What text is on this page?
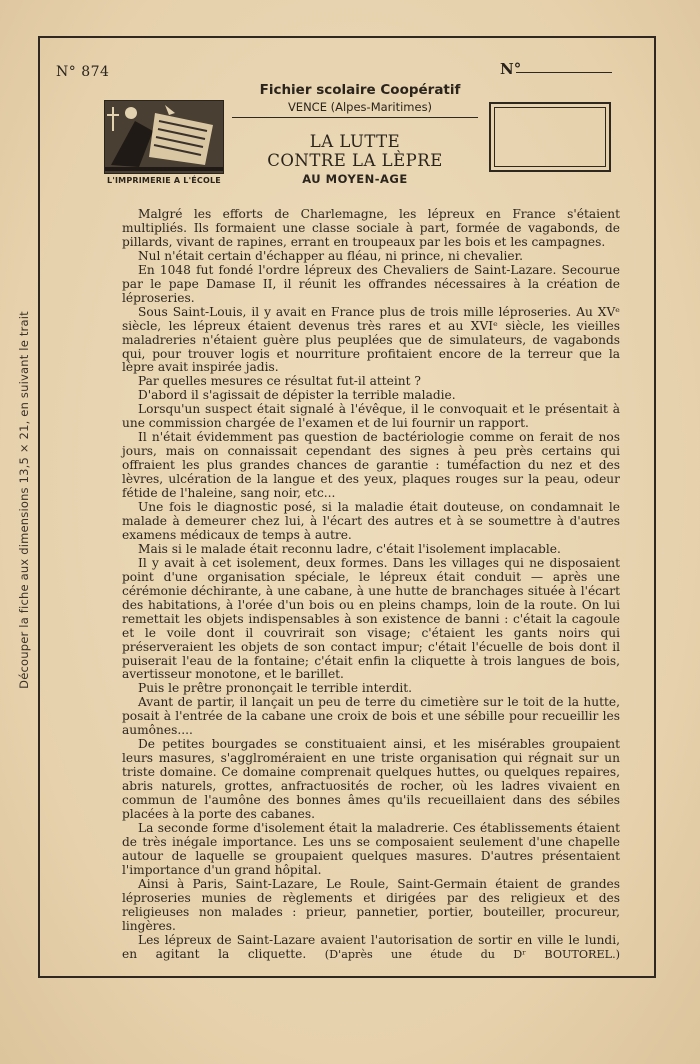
Découper la fiche aux dimensions 13,5 × 21, en suivant le trait
N° 874	N°
Fichier scolaire Coopératif
VENCE (Alpes-Maritimes)
LA LUTTE
CONTRE LA LÈPRE
AU MOYEN-AGE
L'IMPRIMERIE A L'ÉCOLE

Malgré les efforts de Charlemagne, les lépreux en France s'étaient multipliés. Ils formaient une classe sociale à part, formée de vagabonds, de pillards, vivant de rapines, errant en troupeaux par les bois et les campagnes.

Nul n'était certain d'échapper au fléau, ni prince, ni chevalier.

En 1048 fut fondé l'ordre lépreux des Chevaliers de Saint-Lazare. Secourue par le pape Damase II, il réunit les offrandes nécessaires à la création de léproseries.

Sous Saint-Louis, il y avait en France plus de trois mille léproseries. Au XVᵉ siècle, les lépreux étaient devenus très rares et au XVIᵉ siècle, les vieilles maladreries n'étaient guère plus peuplées que de simulateurs, de vagabonds qui, pour trouver logis et nourriture profitaient encore de la terreur que la lèpre avait inspirée jadis.

Par quelles mesures ce résultat fut-il atteint ?

D'abord il s'agissait de dépister la terrible maladie.

Lorsqu'un suspect était signalé à l'évêque, il le convoquait et le présentait à une commission chargée de l'examen et de lui fournir un rapport.

Il n'était évidemment pas question de bactériologie comme on ferait de nos jours, mais on connaissait cependant des signes à peu près certains qui offraient les plus grandes chances de garantie : tuméfaction du nez et des lèvres, ulcération de la langue et des yeux, plaques rouges sur la peau, odeur fétide de l'haleine, sang noir, etc...

Une fois le diagnostic posé, si la maladie était douteuse, on condamnait le malade à demeurer chez lui, à l'écart des autres et à se soumettre à d'autres examens médicaux de temps à autre.

Mais si le malade était reconnu ladre, c'était l'isolement implacable.

Il y avait à cet isolement, deux formes. Dans les villages qui ne disposaient point d'une organisation spéciale, le lépreux était conduit — après une cérémonie déchirante, à une cabane, à une hutte de branchages située à l'écart des habitations, à l'orée d'un bois ou en pleins champs, loin de la route. On lui remettait les objets indispensables à son existence de banni : c'était la cagoule et le voile dont il couvrirait son visage; c'étaient les gants noirs qui préserveraient les objets de son contact impur; c'était l'écuelle de bois dont il puiserait l'eau de la fontaine; c'était enfin la cliquette à trois langues de bois, avertisseur monotone, et le barillet.

Puis le prêtre prononçait le terrible interdit.

Avant de partir, il lançait un peu de terre du cimetière sur le toit de la hutte, posait à l'entrée de la cabane une croix de bois et une sébille pour recueillir les aumônes....

De petites bourgades se constituaient ainsi, et les misérables groupaient leurs masures, s'agglroméraient en une triste organisation qui régnait sur un triste domaine. Ce domaine comprenait quelques huttes, ou quelques repaires, abris naturels, grottes, anfractuosités de rocher, où les ladres vivaient en commun de l'aumône des bonnes âmes qu'ils recueillaient dans des sébiles placées à la porte des cabanes.

La seconde forme d'isolement était la maladrerie. Ces établissements étaient de très inégale importance. Les uns se composaient seulement d'une chapelle autour de laquelle se groupaient quelques masures. D'autres présentaient l'importance d'un grand hôpital.

Ainsi à Paris, Saint-Lazare, Le Roule, Saint-Germain étaient de grandes léproseries munies de règlements et dirigées par des religieux et des religieuses non malades : prieur, pannetier, portier, bouteiller, procureur, lingères.

Les lépreux de Saint-Lazare avaient l'autorisation de sortir en ville le lundi, en agitant la cliquette. (D'après une étude du Dʳ BOUTOREL.)
